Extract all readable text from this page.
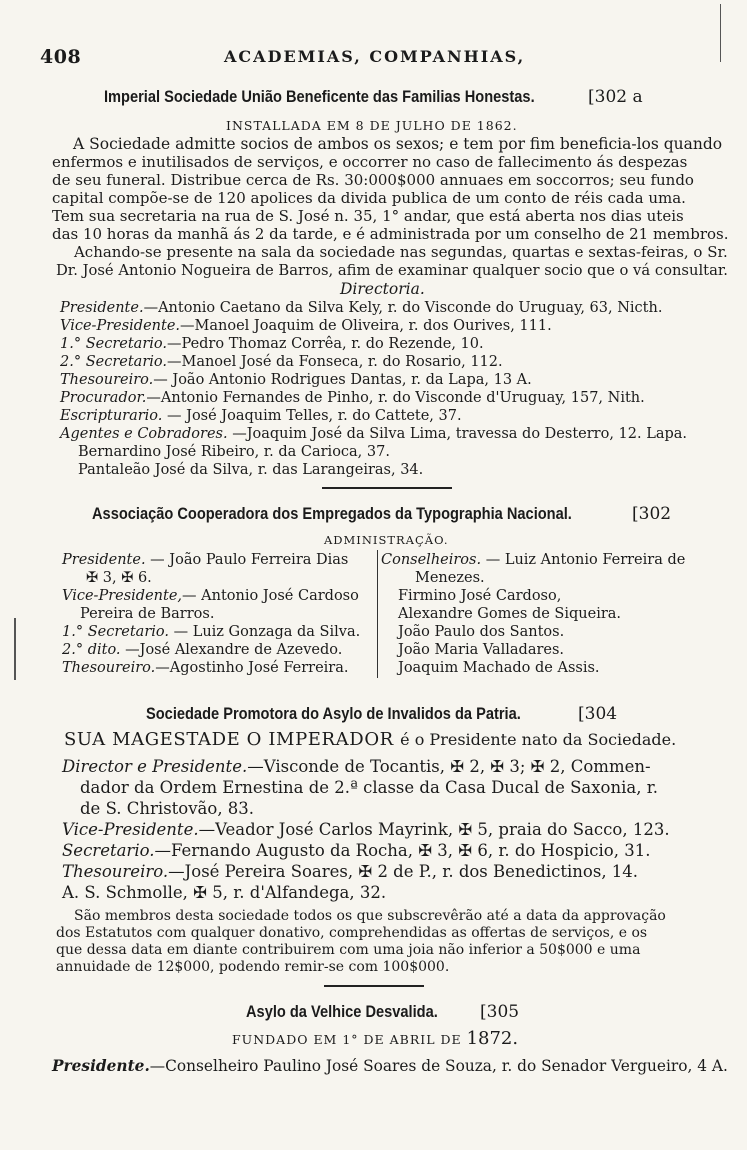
408	ACADEMIAS, COMPANHIAS,
Imperial Sociedade União Beneficente das Familias Honestas.	[302 a
INSTALLADA EM 8 DE JULHO DE 1862.
A Sociedade admitte socios de ambos os sexos; e tem por fim beneficia-los quando
enfermos e inutilisados de serviços, e occorrer no caso de fallecimento ás despezas
de seu funeral. Distribue cerca de Rs. 30:000$000 annuaes em soccorros; seu fundo
capital compõe-se de 120 apolices da divida publica de um conto de réis cada uma.
Tem sua secretaria na rua de S. José n. 35, 1° andar, que está aberta nos dias uteis
das 10 horas da manhã ás 2 da tarde, e é administrada por um conselho de 21 membros.
Achando-se presente na sala da sociedade nas segundas, quartas e sextas-feiras, o Sr.
Dr. José Antonio Nogueira de Barros, afim de examinar qualquer socio que o vá consultar.
Directoria.
Presidente.—Antonio Caetano da Silva Kely, r. do Visconde do Uruguay, 63, Nicth.
Vice-Presidente.—Manoel Joaquim de Oliveira, r. dos Ourives, 111.
1.° Secretario.—Pedro Thomaz Corrêa, r. do Rezende, 10.
2.° Secretario.—Manoel José da Fonseca, r. do Rosario, 112.
Thesoureiro.— João Antonio Rodrigues Dantas, r. da Lapa, 13 A.
Procurador.—Antonio Fernandes de Pinho, r. do Visconde d'Uruguay, 157, Nith.
Escripturario. — José Joaquim Telles, r. do Cattete, 37.
Agentes e Cobradores. —Joaquim José da Silva Lima, travessa do Desterro, 12. Lapa.
Bernardino José Ribeiro, r. da Carioca, 37.
Pantaleão José da Silva, r. das Larangeiras, 34.
Associação Cooperadora dos Empregados da Typographia Nacional.	[302
ADMINISTRAÇÃO.
Presidente. — João Paulo Ferreira Dias
✠ 3, ✠ 6.
Vice-Presidente,— Antonio José Cardoso
Pereira de Barros.
1.° Secretario. — Luiz Gonzaga da Silva.
2.° dito. —José Alexandre de Azevedo.
Thesoureiro.—Agostinho José Ferreira.
Conselheiros. — Luiz Antonio Ferreira de
Menezes.
Firmino José Cardoso,
Alexandre Gomes de Siqueira.
João Paulo dos Santos.
João Maria Valladares.
Joaquim Machado de Assis.
Sociedade Promotora do Asylo de Invalidos da Patria.	[304
SUA MAGESTADE O IMPERADOR é o Presidente nato da Sociedade.
Director e Presidente.—Visconde de Tocantis, ✠ 2, ✠ 3; ✠ 2, Commen-
dador da Ordem Ernestina de 2.ª classe da Casa Ducal de Saxonia, r.
de S. Christovão, 83.
Vice-Presidente.—Veador José Carlos Mayrink, ✠ 5, praia do Sacco, 123.
Secretario.—Fernando Augusto da Rocha, ✠ 3, ✠ 6, r. do Hospicio, 31.
Thesoureiro.—José Pereira Soares, ✠ 2 de P., r. dos Benedictinos, 14.
A. S. Schmolle, ✠ 5, r. d'Alfandega, 32.
São membros desta sociedade todos os que subscrevêrão até a data da approvação
dos Estatutos com qualquer donativo, comprehendidas as offertas de serviços, e os
que dessa data em diante contribuirem com uma joia não inferior a 50$000 e uma
annuidade de 12$000, podendo remir-se com 100$000.
Asylo da Velhice Desvalida.	[305
FUNDADO EM 1° DE ABRIL DE 1872.
Presidente.—Conselheiro Paulino José Soares de Souza, r. do Senador Vergueiro, 4 A.
